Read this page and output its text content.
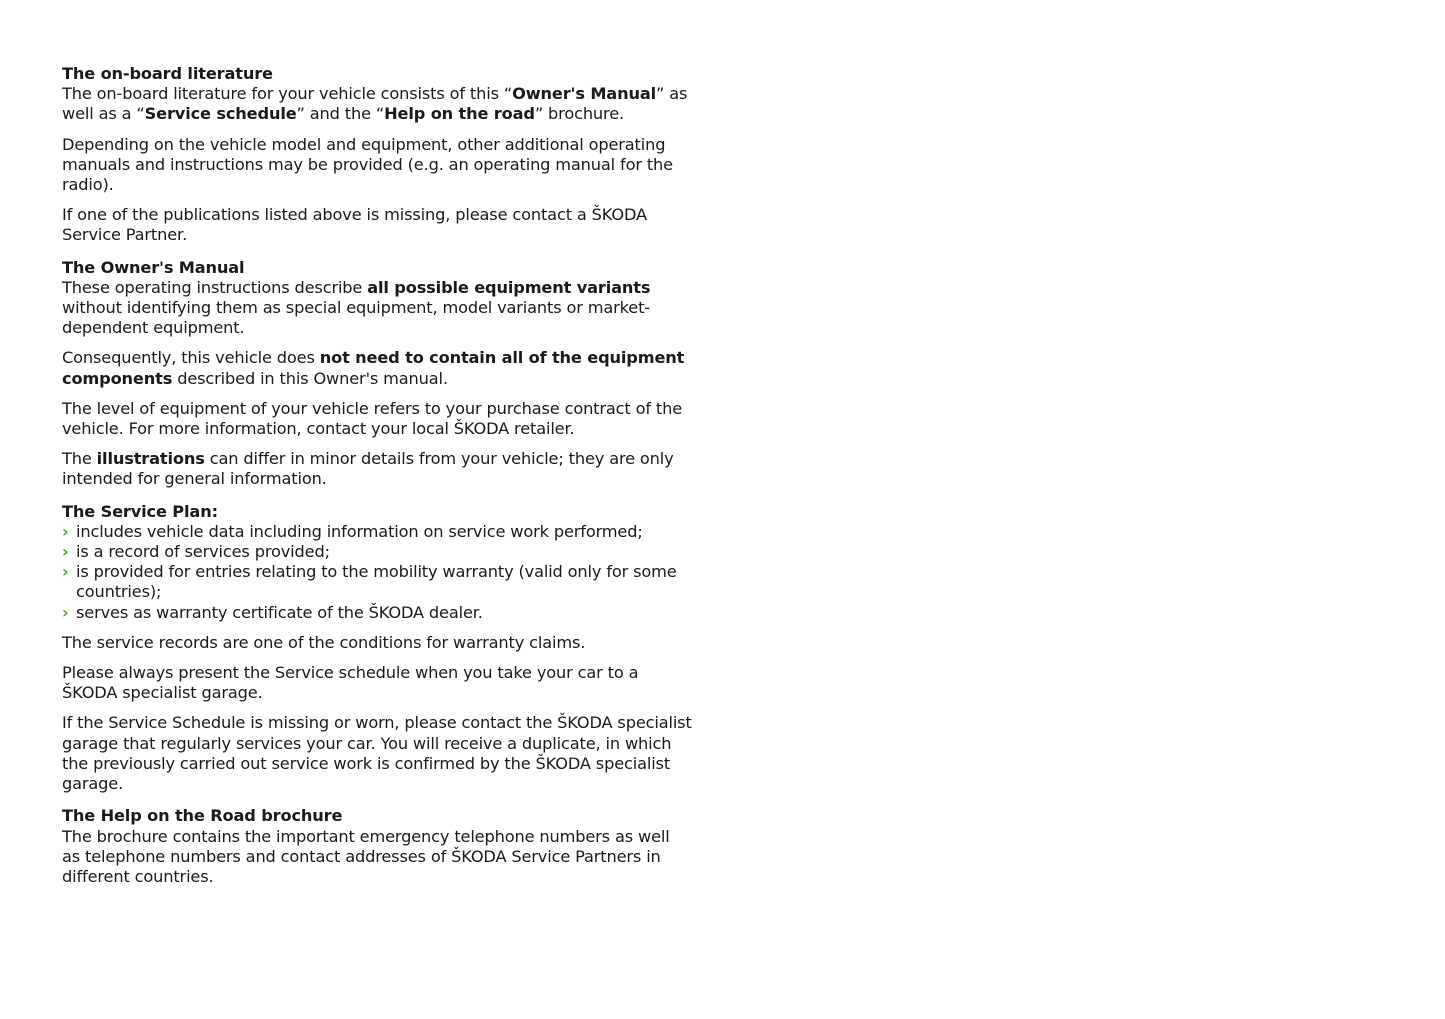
The on-board literature

The on-board literature for your vehicle consists of this “Owner's Manual” as well as a “Service schedule” and the “Help on the road” brochure.

Depending on the vehicle model and equipment, other additional operating manuals and instructions may be provided (e.g. an operating manual for the radio).

If one of the publications listed above is missing, please contact a ŠKODA Service Partner.

The Owner's Manual

These operating instructions describe all possible equipment variants without identifying them as special equipment, model variants or market-dependent equipment.

Consequently, this vehicle does not need to contain all of the equipment components described in this Owner's manual.

The level of equipment of your vehicle refers to your purchase contract of the vehicle. For more information, contact your local ŠKODA retailer.

The illustrations can differ in minor details from your vehicle; they are only intended for general information.

The Service Plan:

› includes vehicle data including information on service work performed;
› is a record of services provided;
› is provided for entries relating to the mobility warranty (valid only for some countries);
› serves as warranty certificate of the ŠKODA dealer.

The service records are one of the conditions for warranty claims.

Please always present the Service schedule when you take your car to a ŠKODA specialist garage.

If the Service Schedule is missing or worn, please contact the ŠKODA specialist garage that regularly services your car. You will receive a duplicate, in which the previously carried out service work is confirmed by the ŠKODA specialist garage.

The Help on the Road brochure

The brochure contains the important emergency telephone numbers as well as telephone numbers and contact addresses of ŠKODA Service Partners in different countries.
